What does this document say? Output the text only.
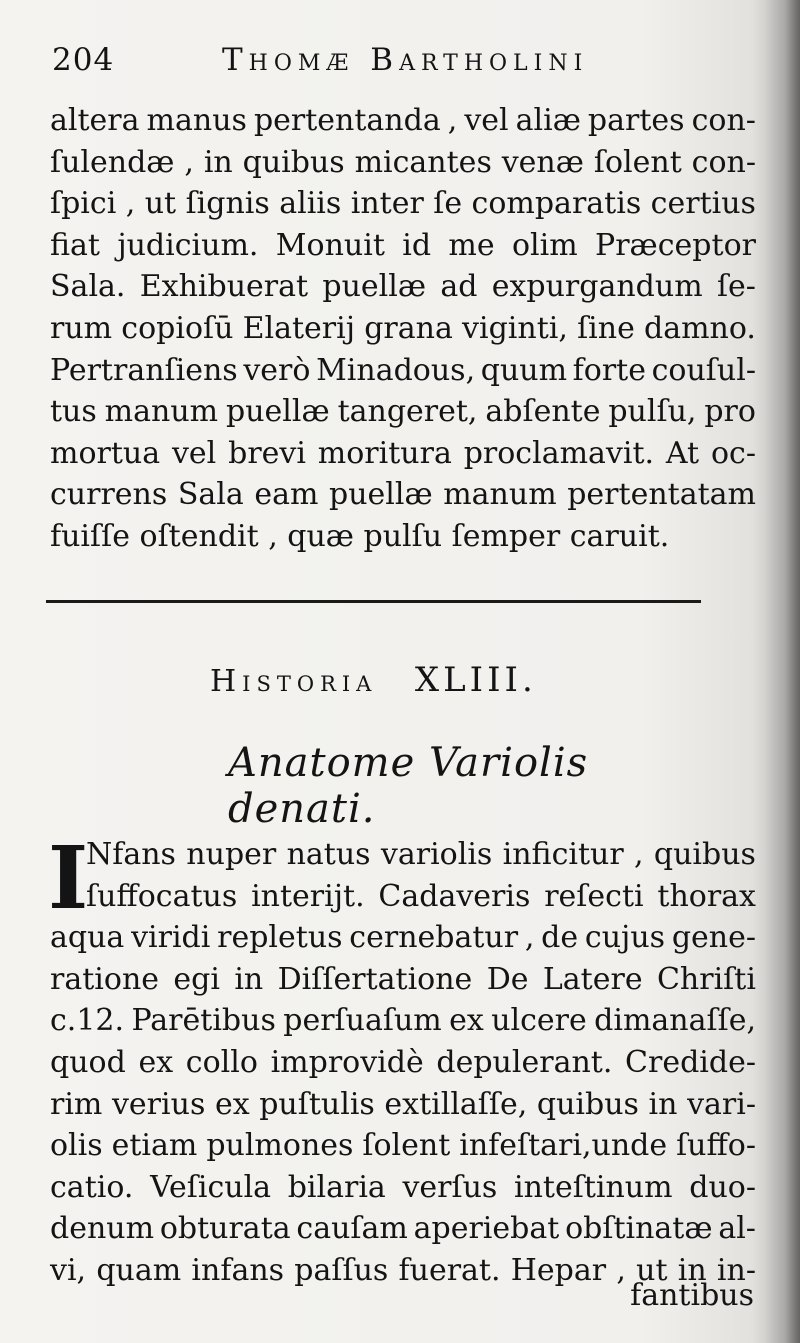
204	Thomæ Bartholini
altera manus pertentanda , vel aliæ partes con-
ſulendæ , in quibus micantes venæ ſolent con-
ſpici , ut ſignis aliis inter ſe comparatis certius
fiat judicium. Monuit id me olim Præceptor
Sala. Exhibuerat puellæ ad expurgandum ſe-
rum copioſū Elaterij grana viginti, ſine damno.
Pertranſiens verò Minadous, quum forte couſul-
tus manum puellæ tangeret, abſente pulſu, pro
mortua vel brevi moritura proclamavit. At oc-
currens Sala eam puellæ manum pertentatam
fuiſſe oſtendit , quæ pulſu ſemper caruit.
Historia XLIII.
Anatome Variolis denati.
I
Nfans nuper natus variolis inficitur , quibus
ſuffocatus interijt. Cadaveris reſecti thorax
aqua viridi repletus cernebatur , de cujus gene-
ratione egi in Diſſertatione De Latere Chriſti
c.12. Parētibus perſuaſum ex ulcere dimanaſſe,
quod ex collo improvidè depulerant. Credide-
rim verius ex puſtulis extillaſſe, quibus in vari-
olis etiam pulmones ſolent infeſtari,unde ſuffo-
catio. Veſicula bilaria verſus inteſtinum duo-
denum obturata cauſam aperiebat obſtinatæ al-
vi, quam infans paſſus fuerat. Hepar , ut in in-
fantibus
